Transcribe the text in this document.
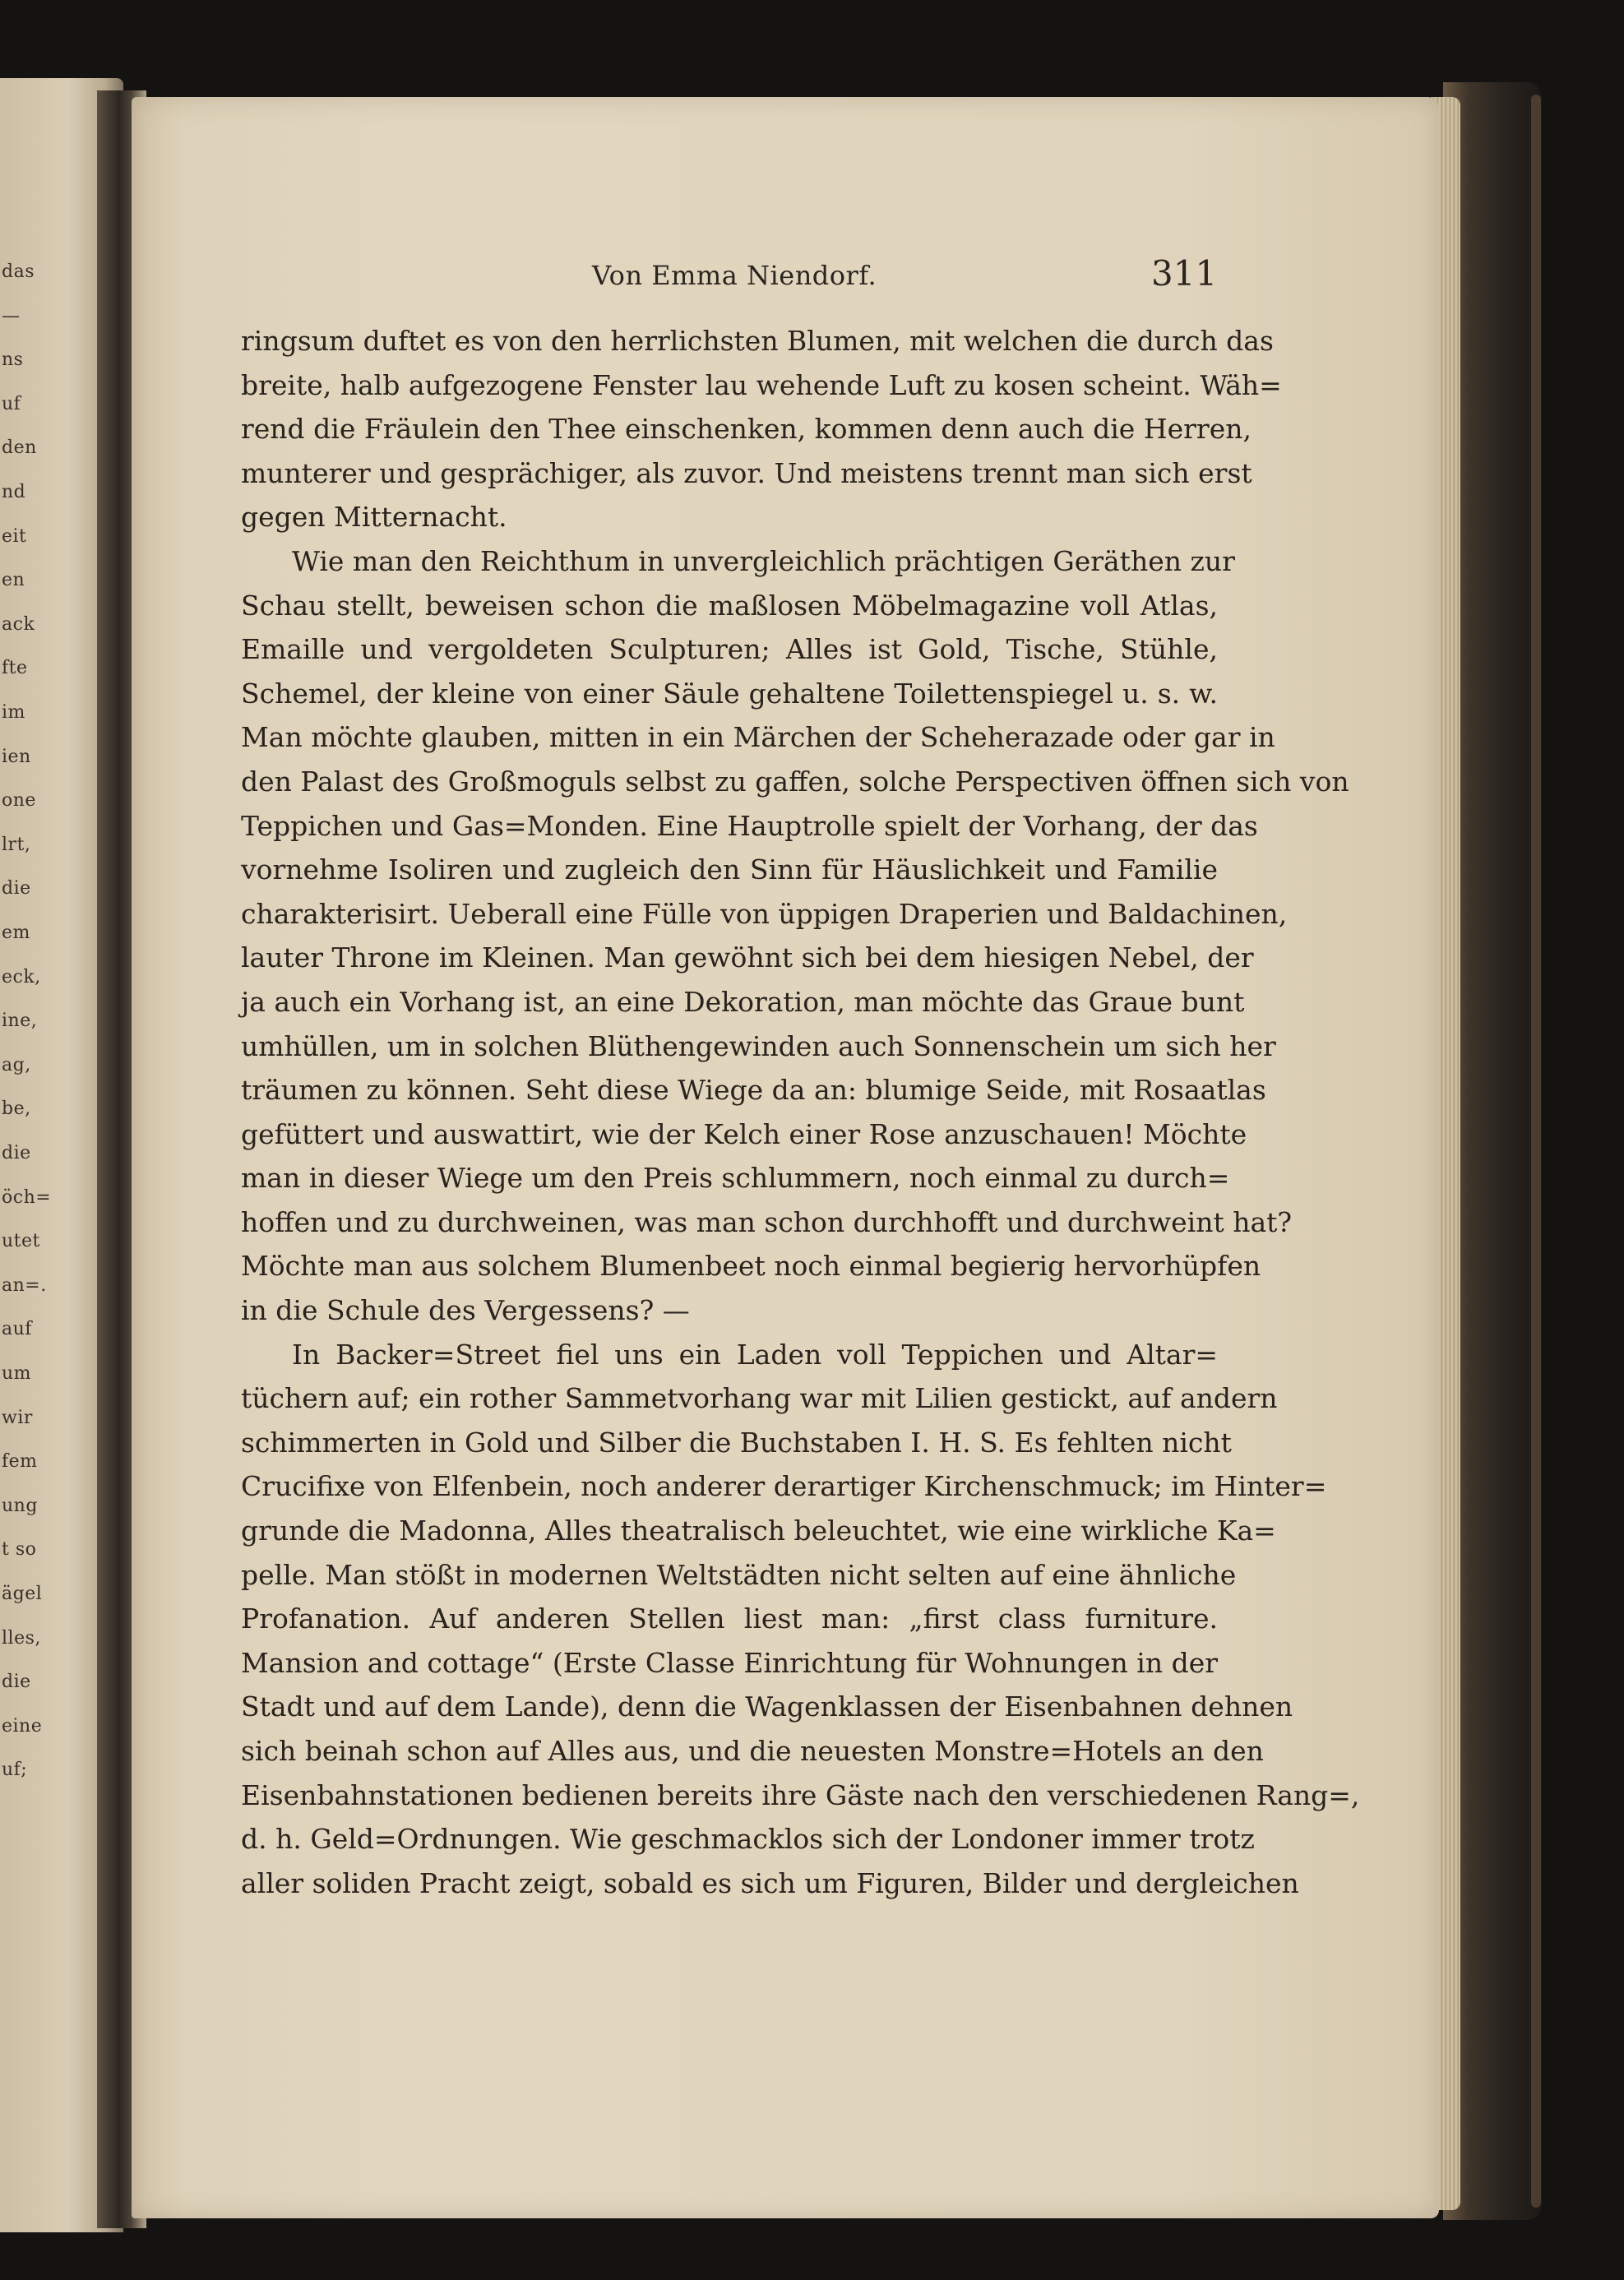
das
—
ns
uf
den
nd
eit
en
ack
fte
im
ien
one
lrt,
die
em
eck,
ine,
ag,
be,
die
öch=
utet
an=.
auf
um
wir
fem
ung
t so
ägel
lles,
die
eine
uf;
Von Emma Niendorf.	311
ringsum duftet es von den herrlichsten Blumen, mit welchen die durch das
breite, halb aufgezogene Fenster lau wehende Luft zu kosen scheint. Wäh=
rend die Fräulein den Thee einschenken, kommen denn auch die Herren,
munterer und gesprächiger, als zuvor. Und meistens trennt man sich erst
gegen Mitternacht.
Wie man den Reichthum in unvergleichlich prächtigen Geräthen zur
Schau stellt, beweisen schon die maßlosen Möbelmagazine voll Atlas,
Emaille und vergoldeten Sculpturen; Alles ist Gold, Tische, Stühle,
Schemel, der kleine von einer Säule gehaltene Toilettenspiegel u. s. w.
Man möchte glauben, mitten in ein Märchen der Scheherazade oder gar in
den Palast des Großmoguls selbst zu gaffen, solche Perspectiven öffnen sich von
Teppichen und Gas=Monden. Eine Hauptrolle spielt der Vorhang, der das
vornehme Isoliren und zugleich den Sinn für Häuslichkeit und Familie
charakterisirt. Ueberall eine Fülle von üppigen Draperien und Baldachinen,
lauter Throne im Kleinen. Man gewöhnt sich bei dem hiesigen Nebel, der
ja auch ein Vorhang ist, an eine Dekoration, man möchte das Graue bunt
umhüllen, um in solchen Blüthengewinden auch Sonnenschein um sich her
träumen zu können. Seht diese Wiege da an: blumige Seide, mit Rosaatlas
gefüttert und auswattirt, wie der Kelch einer Rose anzuschauen! Möchte
man in dieser Wiege um den Preis schlummern, noch einmal zu durch=
hoffen und zu durchweinen, was man schon durchhofft und durchweint hat?
Möchte man aus solchem Blumenbeet noch einmal begierig hervorhüpfen
in die Schule des Vergessens? —
In Backer=Street fiel uns ein Laden voll Teppichen und Altar=
tüchern auf; ein rother Sammetvorhang war mit Lilien gestickt, auf andern
schimmerten in Gold und Silber die Buchstaben I. H. S. Es fehlten nicht
Crucifixe von Elfenbein, noch anderer derartiger Kirchenschmuck; im Hinter=
grunde die Madonna, Alles theatralisch beleuchtet, wie eine wirkliche Ka=
pelle. Man stößt in modernen Weltstädten nicht selten auf eine ähnliche
Profanation. Auf anderen Stellen liest man: „first class furniture.
Mansion and cottage“ (Erste Classe Einrichtung für Wohnungen in der
Stadt und auf dem Lande), denn die Wagenklassen der Eisenbahnen dehnen
sich beinah schon auf Alles aus, und die neuesten Monstre=Hotels an den
Eisenbahnstationen bedienen bereits ihre Gäste nach den verschiedenen Rang=,
d. h. Geld=Ordnungen. Wie geschmacklos sich der Londoner immer trotz
aller soliden Pracht zeigt, sobald es sich um Figuren, Bilder und dergleichen
